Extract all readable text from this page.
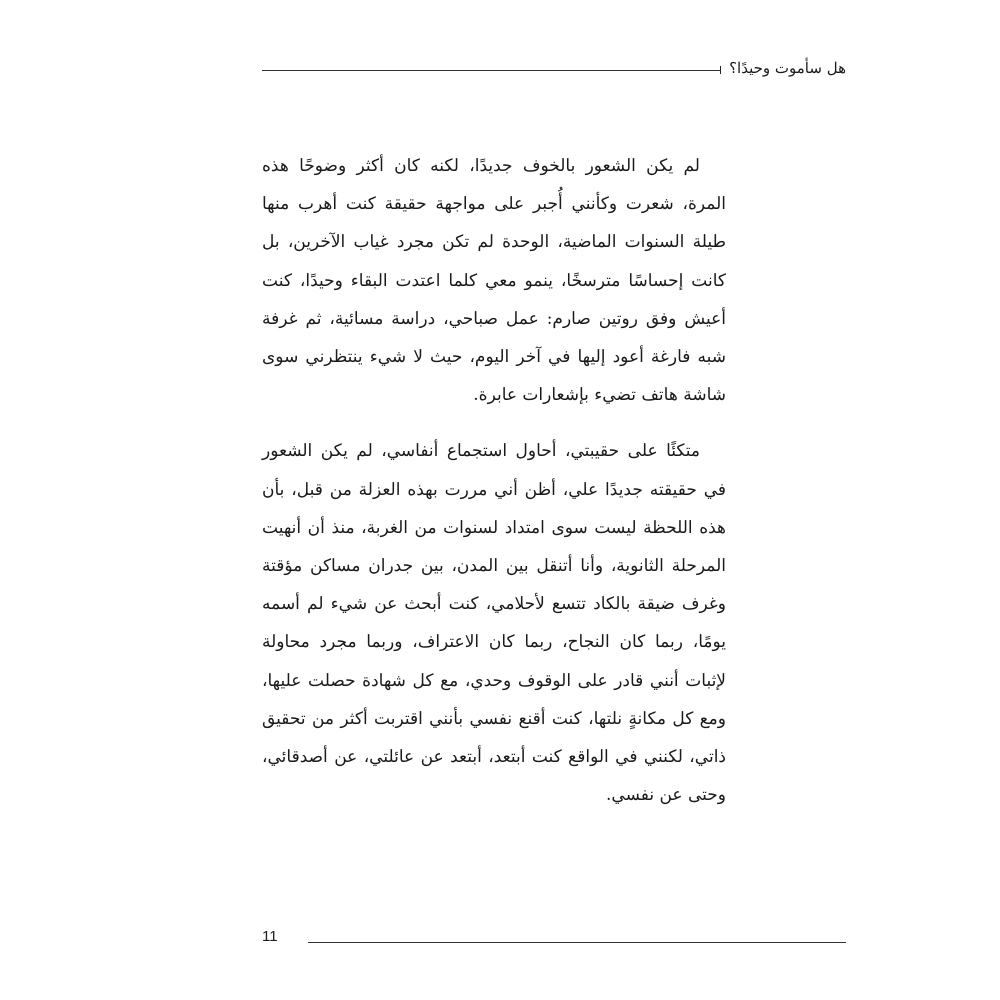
هل سأموت وحيدًا؟

لم يكن الشعور بالخوف جديدًا، لكنه كان أكثر وضوحًا هذه المرة، شعرت وكأنني أُجبر على مواجهة حقيقة كنت أهرب منها طيلة السنوات الماضية، الوحدة لم تكن مجرد غياب الآخرين، بل كانت إحساسًا مترسخًا، ينمو معي كلما اعتدت البقاء وحيدًا، كنت أعيش وفق روتين صارم: عمل صباحي، دراسة مسائية، ثم غرفة شبه فارغة أعود إليها في آخر اليوم، حيث لا شيء ينتظرني سوى شاشة هاتف تضيء بإشعارات عابرة.

متكئًا على حقيبتي، أحاول استجماع أنفاسي، لم يكن الشعور في حقيقته جديدًا علي، أظن أني مررت بهذه العزلة من قبل، بأن هذه اللحظة ليست سوى امتداد لسنوات من الغربة، منذ أن أنهيت المرحلة الثانوية، وأنا أتنقل بين المدن، بين جدران مساكن مؤقتة وغرف ضيقة بالكاد تتسع لأحلامي، كنت أبحث عن شيء لم أسمه يومًا، ربما كان النجاح، ربما كان الاعتراف، وربما مجرد محاولة لإثبات أنني قادر على الوقوف وحدي، مع كل شهادة حصلت عليها، ومع كل مكانةٍ نلتها، كنت أقنع نفسي بأنني اقتربت أكثر من تحقيق ذاتي، لكنني في الواقع كنت أبتعد، أبتعد عن عائلتي، عن أصدقائي، وحتى عن نفسي.

11
